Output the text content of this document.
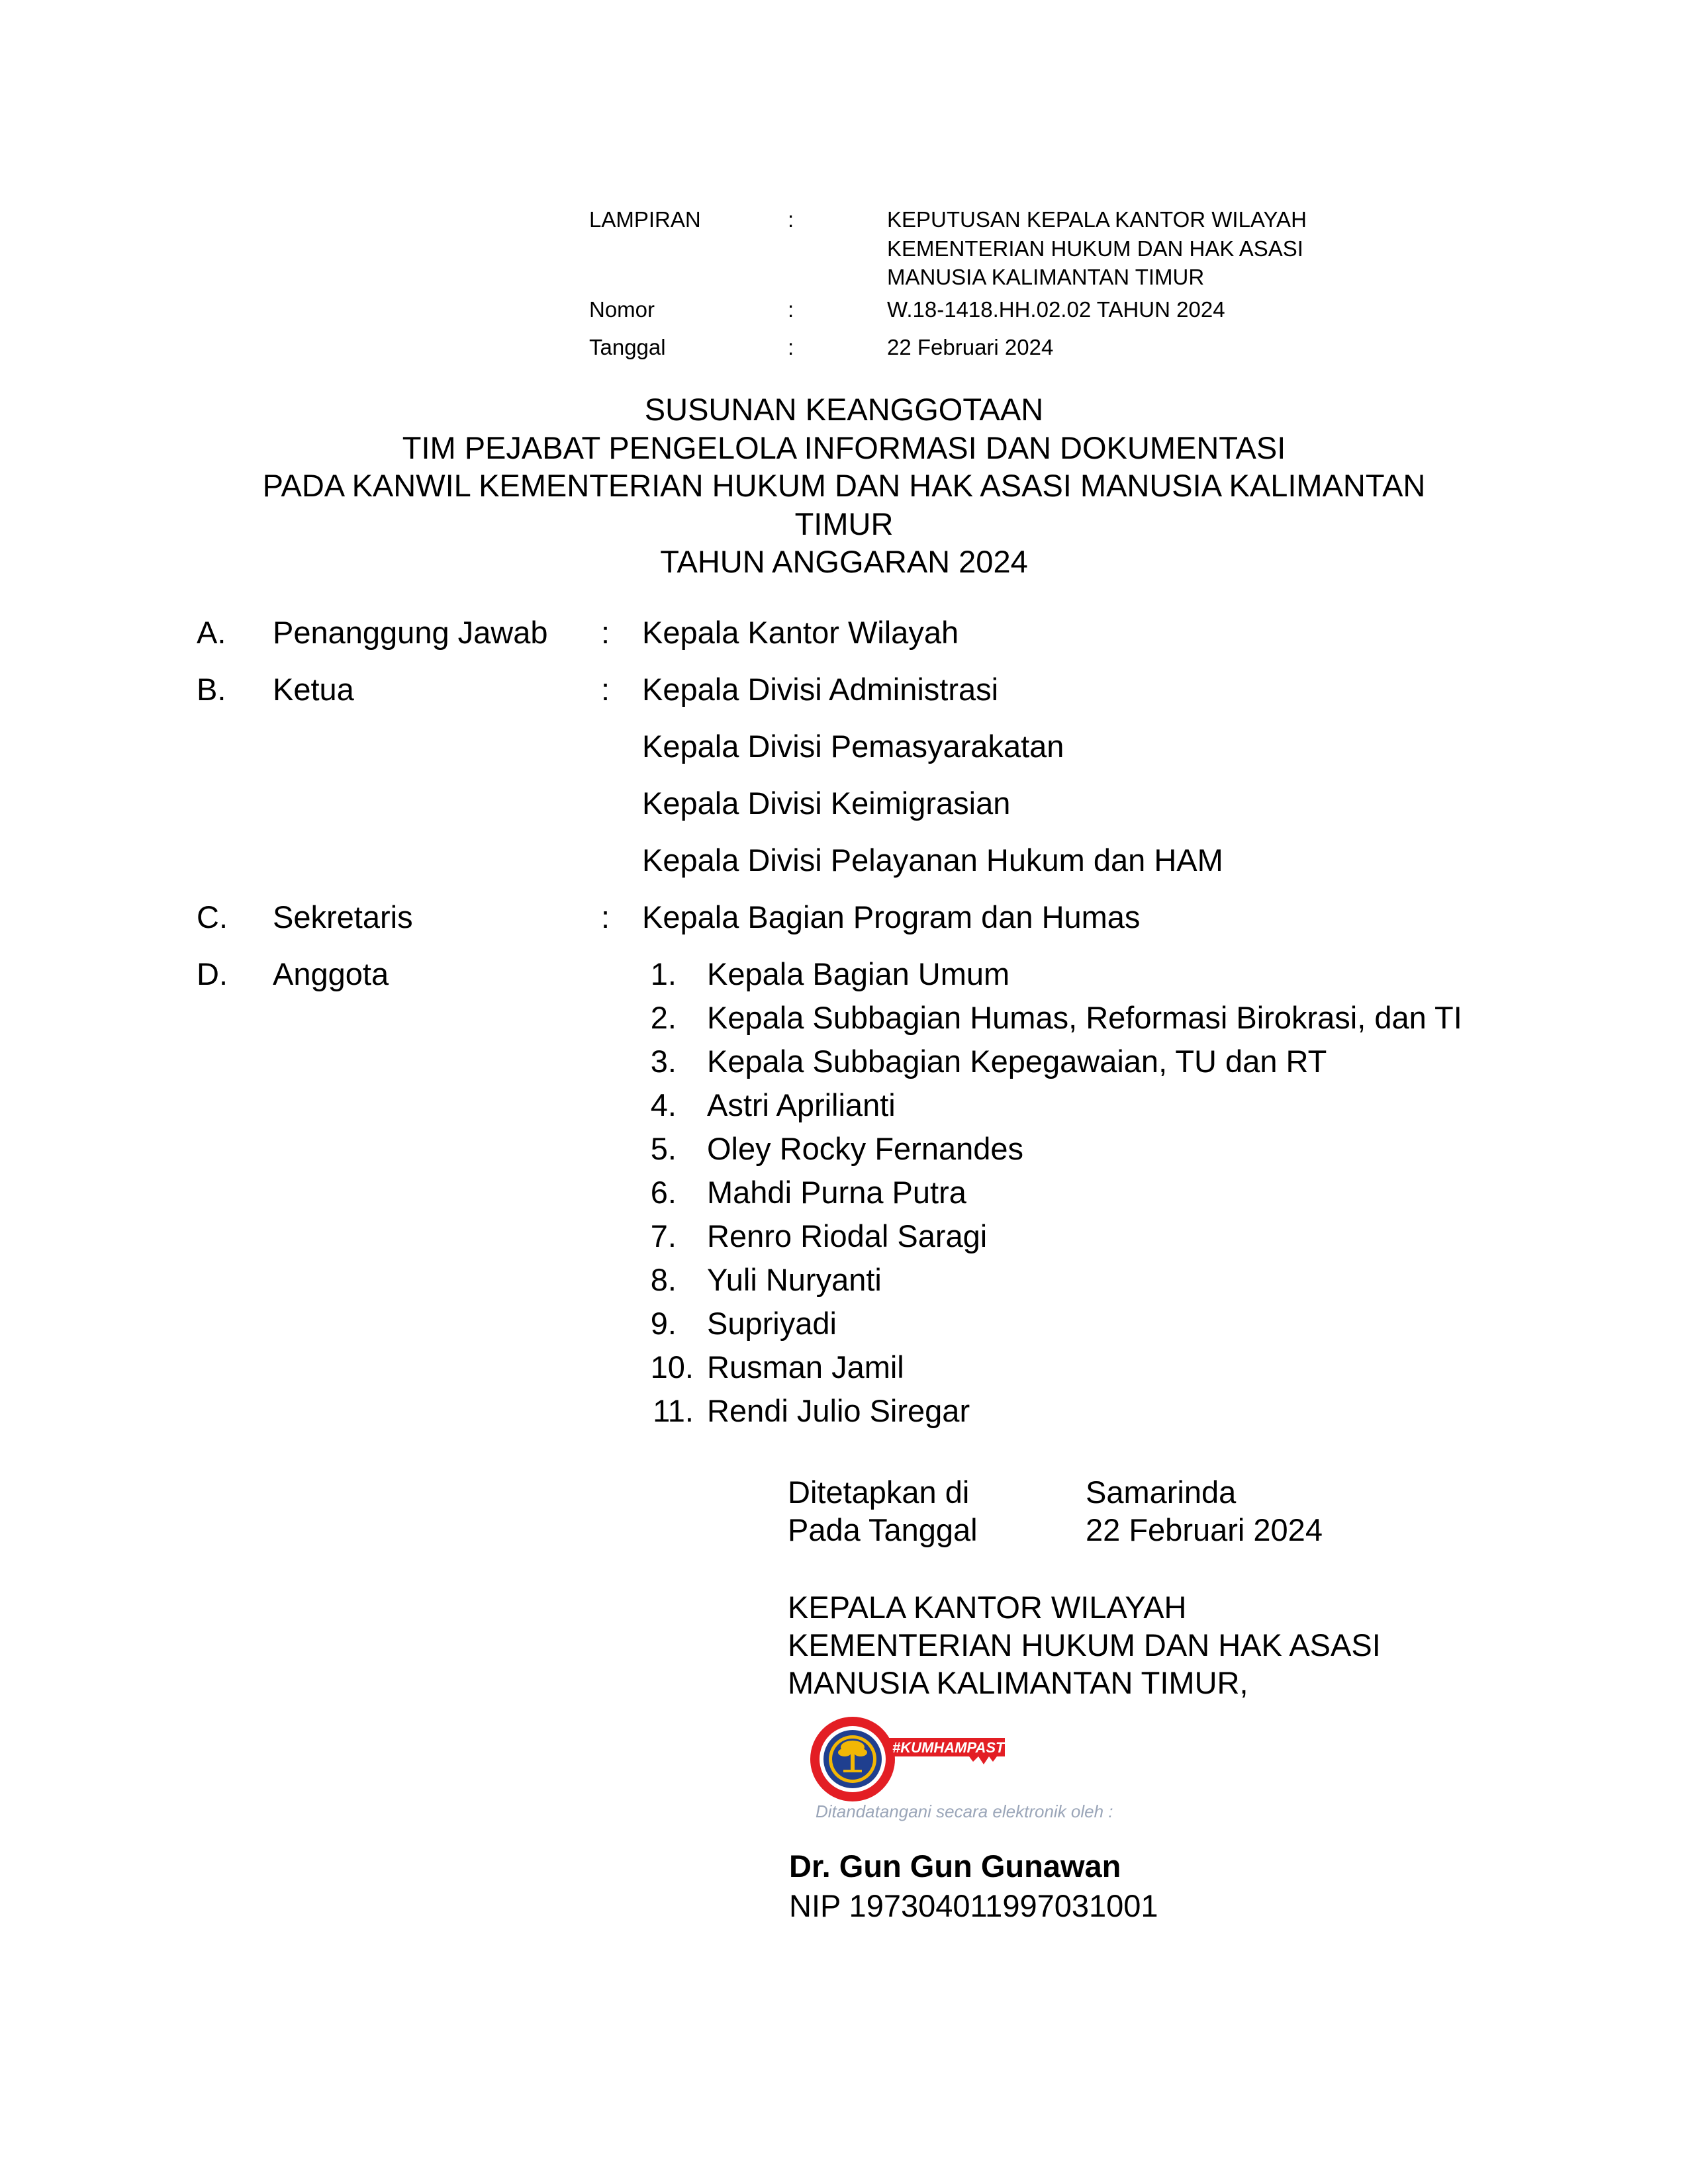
LAMPIRAN	:	KEPUTUSAN KEPALA KANTOR WILAYAH
KEMENTERIAN HUKUM DAN HAK ASASI
MANUSIA KALIMANTAN TIMUR
Nomor	:	W.18-1418.HH.02.02 TAHUN 2024
Tanggal	:	22 Februari 2024
SUSUNAN KEANGGOTAAN
TIM PEJABAT PENGELOLA INFORMASI DAN DOKUMENTASI
PADA KANWIL KEMENTERIAN HUKUM DAN HAK ASASI MANUSIA KALIMANTAN
TIMUR
TAHUN ANGGARAN 2024
A. Penanggung Jawab : Kepala Kantor Wilayah
B. Ketua	: Kepala Divisi Administrasi
Kepala Divisi Pemasyarakatan
Kepala Divisi Keimigrasian
Kepala Divisi Pelayanan Hukum dan HAM
C. Sekretaris	: Kepala Bagian Program dan Humas
D. Anggota	1. Kepala Bagian Umum
2. Kepala Subbagian Humas, Reformasi Birokrasi, dan TI
3. Kepala Subbagian Kepegawaian, TU dan RT
4. Astri Aprilianti
5. Oley Rocky Fernandes
6. Mahdi Purna Putra
7. Renro Riodal Saragi
8. Yuli Nuryanti
9. Supriyadi
10. Rusman Jamil
11. Rendi Julio Siregar
Ditetapkan di	Samarinda
Pada Tanggal	22 Februari 2024
KEPALA KANTOR WILAYAH
KEMENTERIAN HUKUM DAN HAK ASASI
MANUSIA KALIMANTAN TIMUR,
#KUMHAMPASTI
Ditandatangani secara elektronik oleh :
Dr. Gun Gun Gunawan
NIP 197304011997031001
